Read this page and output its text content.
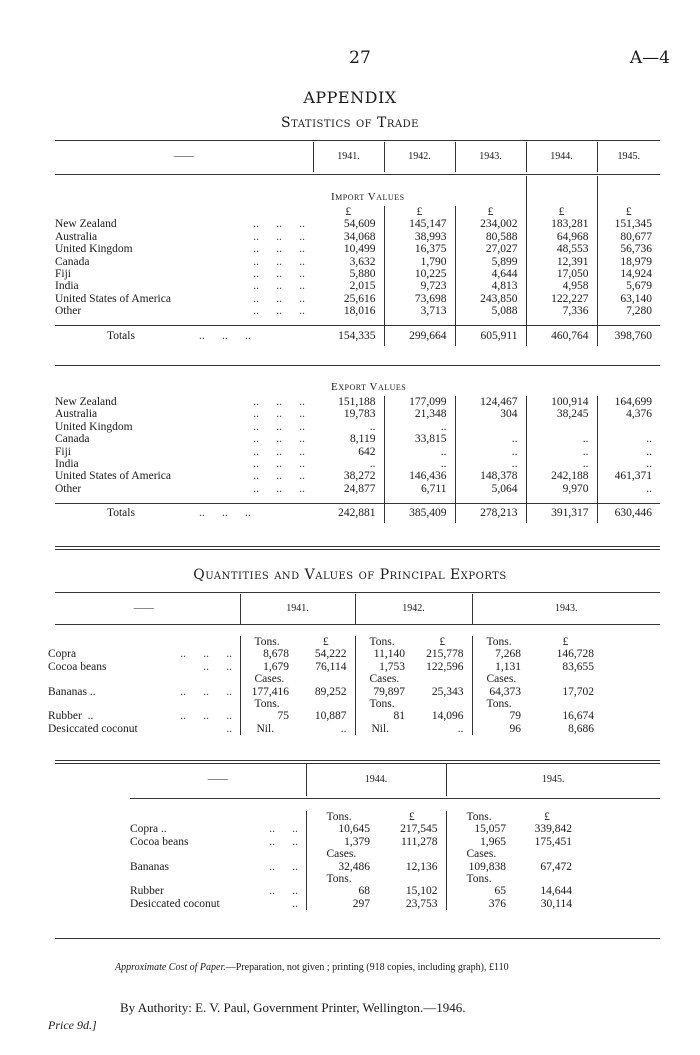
27	A—4
APPENDIX
Statistics of Trade
——	1941.	1942.	1943.	1944.	1945.
	Import Values				
	£	£	£	£	£
New Zealand ..      ..      ..	54,609	145,147	234,002	183,281	151,345
Australia ..      ..      ..	34,068	38,993	80,588	64,968	80,677
United Kingdom ..      ..      ..	10,499	16,375	27,027	48,553	56,736
Canada ..      ..      ..	3,632	1,790	5,899	12,391	18,979
Fiji ..      ..      ..	5,880	10,225	4,644	17,050	14,924
India ..      ..      ..	2,015	9,723	4,813	4,958	5,679
United States of America ..      ..      ..	25,616	73,698	243,850	122,227	63,140
Other ..      ..      ..	18,016	3,713	5,088	7,336	7,280

Totals ..      ..      ..	154,335	299,664	605,911	460,764	398,760
	Export Values				
New Zealand ..      ..      ..	151,188	177,099	124,467	100,914	164,699
Australia ..      ..      ..	19,783	21,348	304	38,245	4,376
United Kingdom ..      ..      ..	..	..			
Canada ..      ..      ..	8,119	33,815	..	..	..
Fiji ..      ..      ..	642	..	..	..	..
India ..      ..      ..	..	..	..	..	..
United States of America ..      ..      ..	38,272	146,436	148,378	242,188	461,371
Other ..      ..      ..	24,877	6,711	5,064	9,970	..

Totals ..      ..      ..	242,881	385,409	278,213	391,317	630,446
Quantities and Values of Principal Exports
——	1941.	1942.	1943.
	Tons.	£	Tons.	£	Tons.	£	
Copra ..      ..      ..	8,678	54,222	11,140	215,778	7,268	146,728	
Cocoa beans ..      ..	1,679	76,114	1,753	122,596	1,131	83,655	
	Cases.		Cases.		Cases.		
Bananas .. ..      ..      ..	177,416	89,252	79,897	25,343	64,373	17,702	
	Tons.		Tons.		Tons.		
Rubber  .. ..      ..      ..	75	10,887	81	14,096	79	16,674	
Desiccated coconut ..	Nil.	..	Nil.	..	96	8,686	
——	1944.	1945.
	Tons.	£	Tons.	£	
Copra .. ..      ..	10,645	217,545	15,057	339,842	
Cocoa beans ..      ..	1,379	111,278	1,965	175,451	
	Cases.		Cases.		
Bananas ..      ..	32,486	12,136	109,838	67,472	
	Tons.		Tons.		
Rubber ..      ..	68	15,102	65	14,644	
Desiccated coconut ..	297	23,753	376	30,114	
Approximate Cost of Paper.—Preparation, not given ; printing (918 copies, including graph), £110
By Authority: E. V. Paul, Government Printer, Wellington.—1946.
Price 9d.]
